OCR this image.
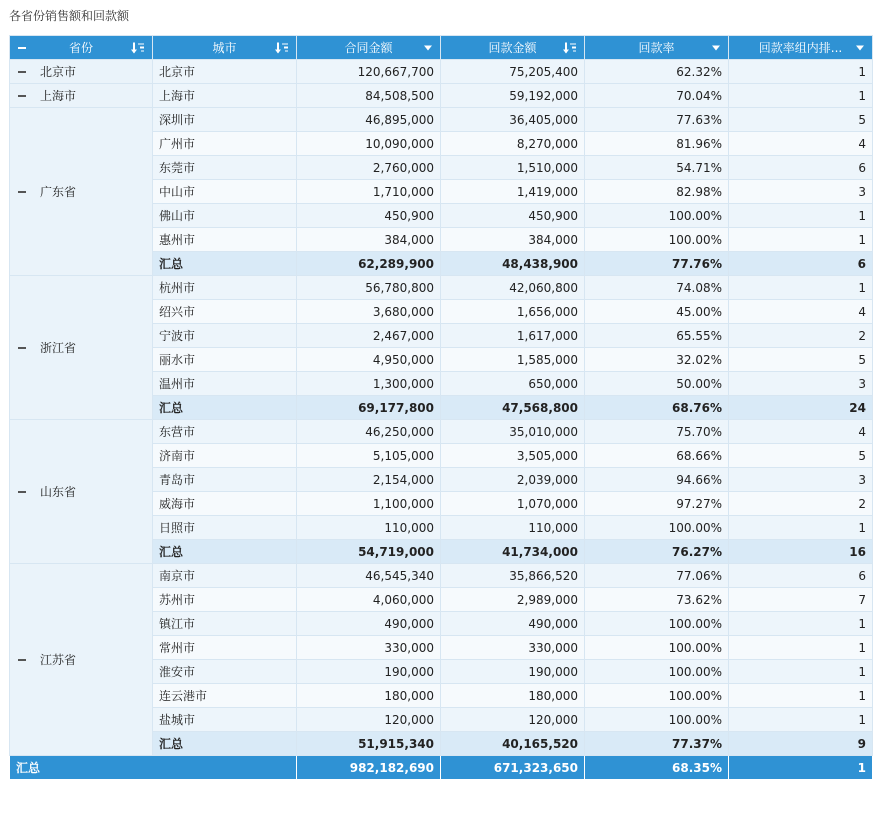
各省份销售额和回款额
省份	城市	合同金额	回款金额	回款率	回款率组内排...

北京市	北京市	120,667,700	75,205,400	62.32%	1

上海市	上海市	84,508,500	59,192,000	70.04%	1

广东省	深圳市	46,895,000	36,405,000	77.63%	5
	广州市	10,090,000	8,270,000	81.96%	4
	东莞市	2,760,000	1,510,000	54.71%	6
	中山市	1,710,000	1,419,000	82.98%	3
	佛山市	450,900	450,900	100.00%	1
	惠州市	384,000	384,000	100.00%	1
	汇总	62,289,900	48,438,900	77.76%	6

浙江省	杭州市	56,780,800	42,060,800	74.08%	1
	绍兴市	3,680,000	1,656,000	45.00%	4
	宁波市	2,467,000	1,617,000	65.55%	2
	丽水市	4,950,000	1,585,000	32.02%	5
	温州市	1,300,000	650,000	50.00%	3
	汇总	69,177,800	47,568,800	68.76%	24

山东省	东营市	46,250,000	35,010,000	75.70%	4
	济南市	5,105,000	3,505,000	68.66%	5
	青岛市	2,154,000	2,039,000	94.66%	3
	威海市	1,100,000	1,070,000	97.27%	2
	日照市	110,000	110,000	100.00%	1
	汇总	54,719,000	41,734,000	76.27%	16

江苏省	南京市	46,545,340	35,866,520	77.06%	6
	苏州市	4,060,000	2,989,000	73.62%	7
	镇江市	490,000	490,000	100.00%	1
	常州市	330,000	330,000	100.00%	1
	淮安市	190,000	190,000	100.00%	1
	连云港市	180,000	180,000	100.00%	1
	盐城市	120,000	120,000	100.00%	1
	汇总	51,915,340	40,165,520	77.37%	9
汇总		982,182,690	671,323,650	68.35%	1
